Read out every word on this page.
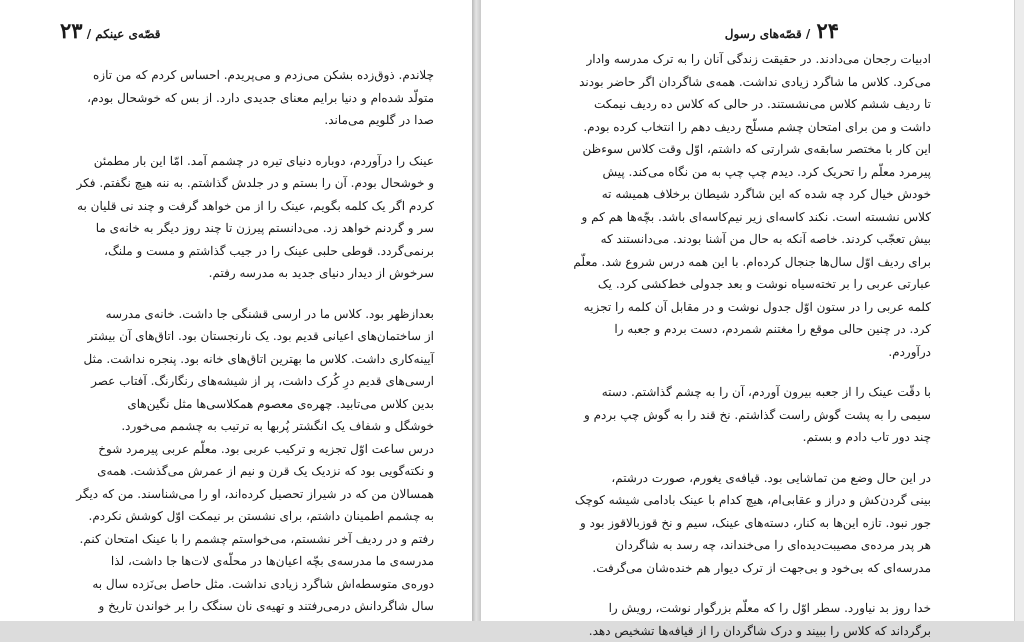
قصّه‌ی عینکم / ۲۳
چلاندم. ذوق‌زده بشکن می‌زدم و می‌پریدم. احساس کردم که من تازه
متولّد شده‌ام و دنیا برایم معنای جدیدی دارد. از بس که خوشحال بودم،
صدا در گلویم می‌ماند.
عینک را درآوردم، دوباره دنیای تیره در چشمم آمد. امّا این بار مطمئن
و خوشحال بودم. آن را بستم و در جلدش گذاشتم. به ننه هیچ نگفتم. فکر
کردم اگر یک کلمه بگویم، عینک را از من خواهد گرفت و چند نی قلیان به
سر و گردنم خواهد زد. می‌دانستم پیرزن تا چند روز دیگر به خانه‌ی ما
برنمی‌گردد. قوطی حلبی عینک را در جیب گذاشتم و مست و ملنگ،
سرخوش از دیدار دنیای جدید به مدرسه رفتم.
بعدازظهر بود. کلاس ما در ارسی قشنگی جا داشت. خانه‌ی مدرسه
از ساختمان‌های اعیانی قدیم بود. یک نارنجستان بود. اتاق‌های آن بیشتر
آیینه‌کاری داشت. کلاس ما بهترین اتاق‌های خانه بود. پنجره نداشت. مثل
ارسی‌های قدیم درِ کُرک داشت، پر از شیشه‌های رنگارنگ. آفتاب عصر
بدین کلاس می‌تابید. چهره‌ی معصوم همکلاسی‌ها مثل نگین‌های
خوشگل و شفاف یک انگشتر پُربها به ترتیب به چشمم می‌خورد.
درس ساعت اوّل تجزیه و ترکیب عربی بود. معلّم عربی پیرمرد شوخ
و نکته‌گویی بود که نزدیک یک قرن و نیم از عمرش می‌گذشت. همه‌ی
همسالان من که در شیراز تحصیل کرده‌اند، او را می‌شناسند. من که دیگر
به چشمم اطمینان داشتم، برای نشستن بر نیمکت اوّل کوشش نکردم.
رفتم و در ردیف آخر نشستم، می‌خواستم چشمم را با عینک امتحان کنم.
مدرسه‌ی ما مدرسه‌ی بچّه اعیان‌ها در محلّه‌ی لات‌ها جا داشت، لذا
دوره‌ی متوسطه‌اش شاگرد زیادی نداشت. مثل حاصل بی‌نَزده سال به
سال شاگردانش درمی‌رفتند و تهیه‌ی نان سنگک را بر خواندن تاریخ و
۲۴ / قصّه‌های رسول
ادبیات رجحان می‌دادند. در حقیقت زندگی آنان را به ترک مدرسه وادار
می‌کرد. کلاس ما شاگرد زیادی نداشت. همه‌ی شاگردان اگر حاضر بودند
تا ردیف ششم کلاس می‌نشستند. در حالی که کلاس ده ردیف نیمکت
داشت و من برای امتحان چشم مسلّح ردیف دهم را انتخاب کرده بودم.
این کار با مختصر سابقه‌ی شرارتی که داشتم، اوّل وقت کلاس سوءظن
پیرمرد معلّم را تحریک کرد. دیدم چپ چپ به من نگاه می‌کند. پیش
خودش خیال کرد چه شده که این شاگرد شیطان برخلاف همیشه ته
کلاس نشسته است. نکند کاسه‌ای زیر نیم‌کاسه‌ای باشد. بچّه‌ها هم کم و
بیش تعجّب کردند. خاصه آنکه به حال من آشنا بودند. می‌دانستند که
برای ردیف اوّل سال‌ها جنجال کرده‌ام. با این همه درس شروع شد. معلّم
عبارتی عربی را بر تخته‌سیاه نوشت و بعد جدولی خط‌کشی کرد. یک
کلمه عربی را در ستون اوّل جدول نوشت و در مقابل آن کلمه را تجزیه
کرد. در چنین حالی موقع را مغتنم شمردم، دست بردم و جعبه را
درآوردم.
با دقّت عینک را از جعبه بیرون آوردم، آن را به چشم گذاشتم. دسته
سیمی را به پشت گوش راست گذاشتم. نخ قند را به گوش چپ بردم و
چند دور تاب دادم و بستم.
در این حال وضع من تماشایی بود. قیافه‌ی یغورم، صورت درشتم،
بینی گردن‌کش و دراز و عقابی‌ام، هیچ کدام با عینک بادامی شیشه کوچک
جور نبود. تازه این‌ها به کنار، دسته‌های عینک، سیم و نخ قوزبالاقوز بود و
هر پدر مرده‌ی مصیبت‌دیده‌ای را می‌خنداند، چه رسد به شاگردان
مدرسه‌ای که بی‌خود و بی‌جهت از ترک دیوار هم خنده‌شان می‌گرفت.
خدا روز بد نیاورد. سطر اوّل را که معلّم بزرگوار نوشت، رویش را
برگرداند که کلاس را ببیند و درک شاگردان را از قیافه‌ها تشخیص دهد.
